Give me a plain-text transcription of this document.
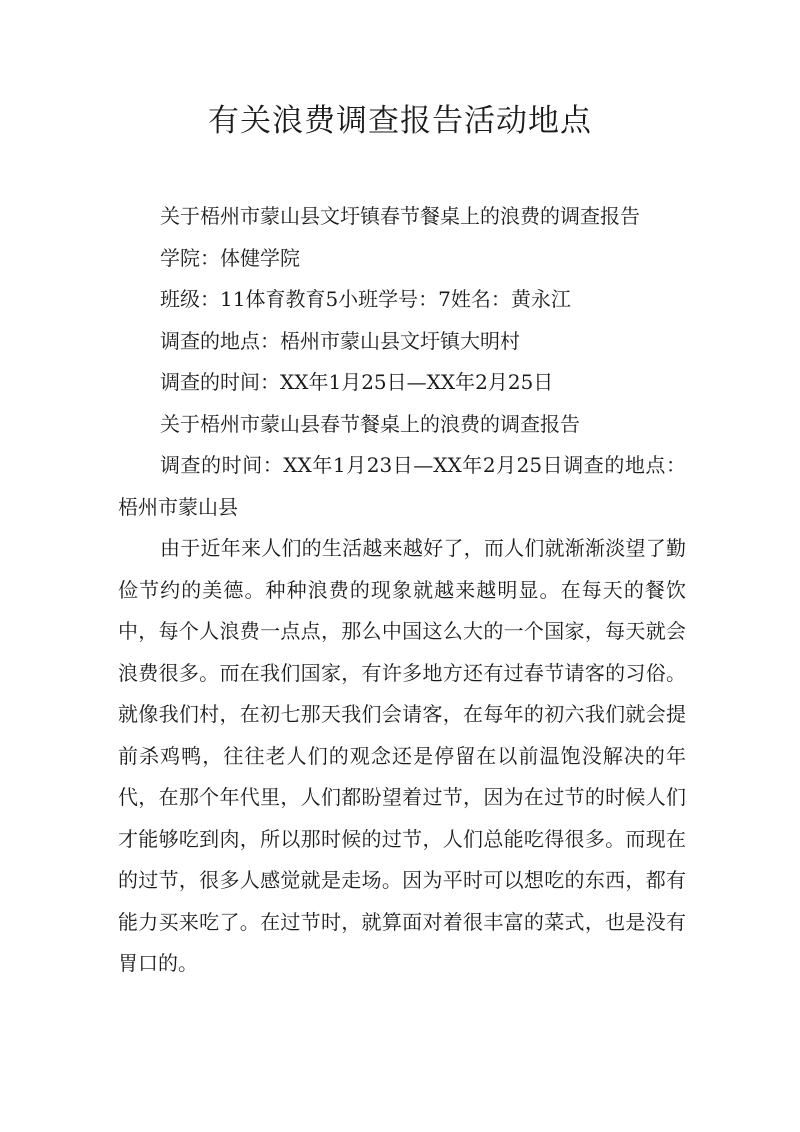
有关浪费调查报告活动地点

关于梧州市蒙山县文圩镇春节餐桌上的浪费的调查报告

学院：体健学院

班级：11体育教育5小班学号：7姓名：黄永江

调查的地点：梧州市蒙山县文圩镇大明村

调查的时间：XX年1月25日—XX年2月25日

关于梧州市蒙山县春节餐桌上的浪费的调查报告

调查的时间：XX年1月23日—XX年2月25日调查的地点：梧州市蒙山县

由于近年来人们的生活越来越好了，而人们就渐渐淡望了勤俭节约的美德。种种浪费的现象就越来越明显。在每天的餐饮中，每个人浪费一点点，那么中国这么大的一个国家，每天就会浪费很多。而在我们国家，有许多地方还有过春节请客的习俗。就像我们村，在初七那天我们会请客，在每年的初六我们就会提前杀鸡鸭，往往老人们的观念还是停留在以前温饱没解决的年代，在那个年代里，人们都盼望着过节，因为在过节的时候人们才能够吃到肉，所以那时候的过节，人们总能吃得很多。而现在的过节，很多人感觉就是走场。因为平时可以想吃的东西，都有能力买来吃了。在过节时，就算面对着很丰富的菜式，也是没有胃口的。
